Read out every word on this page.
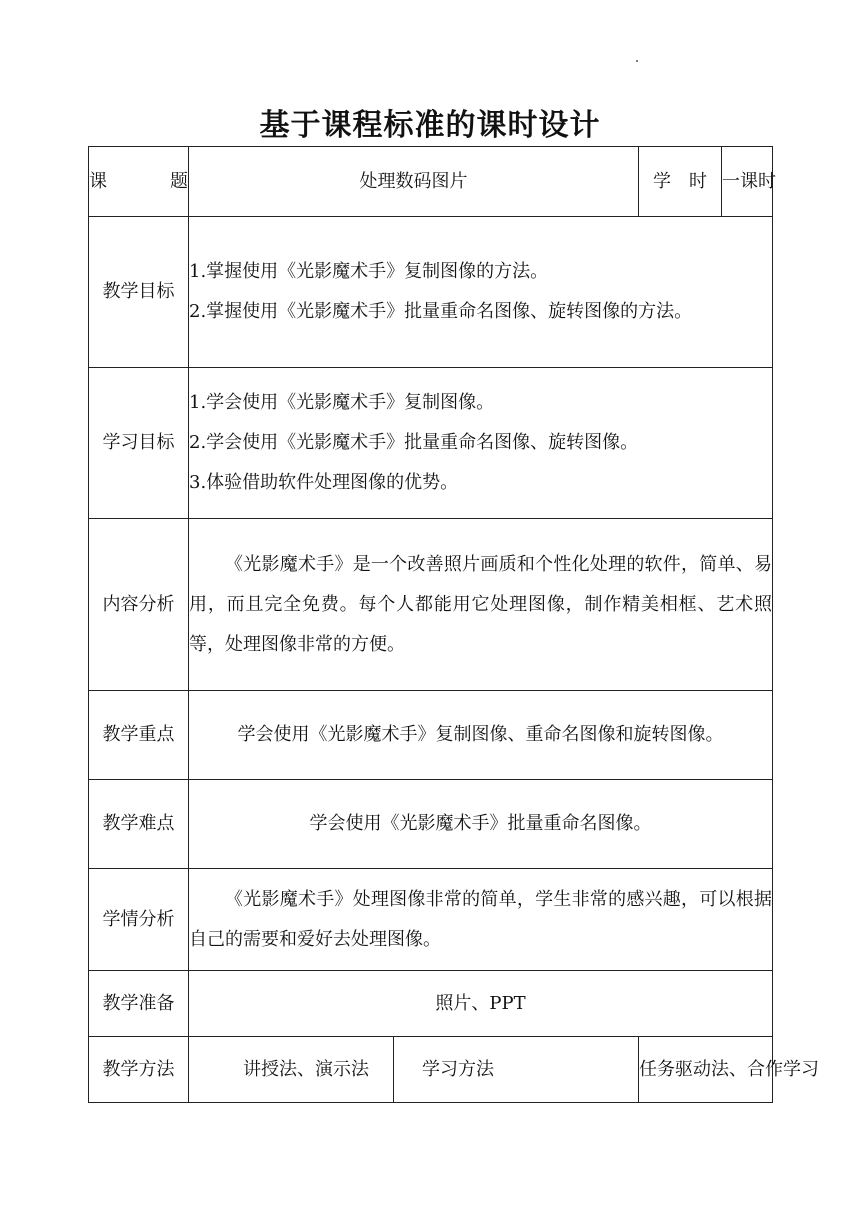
基于课程标准的课时设计
课　　题	处理数码图片		学　时	一课时
教学目标	1.掌握使用《光影魔术手》复制图像的方法。
2.掌握使用《光影魔术手》批量重命名图像、旋转图像的方法。			

学习目标	1.学会使用《光影魔术手》复制图像。
2.学会使用《光影魔术手》批量重命名图像、旋转图像。
3.体验借助软件处理图像的优势。			

内容分析	《光影魔术手》是一个改善照片画质和个性化处理的软件，简单、易用，而且完全免费。每个人都能用它处理图像，制作精美相框、艺术照等，处理图像非常的方便。			
教学重点	学会使用《光影魔术手》复制图像、重命名图像和旋转图像。			
教学难点	学会使用《光影魔术手》批量重命名图像。			
学情分析	《光影魔术手》处理图像非常的简单，学生非常的感兴趣，可以根据自己的需要和爱好去处理图像。			
教学准备	照片、PPT			
教学方法	讲授法、演示法	学习方法	任务驱动法、合作学习	
